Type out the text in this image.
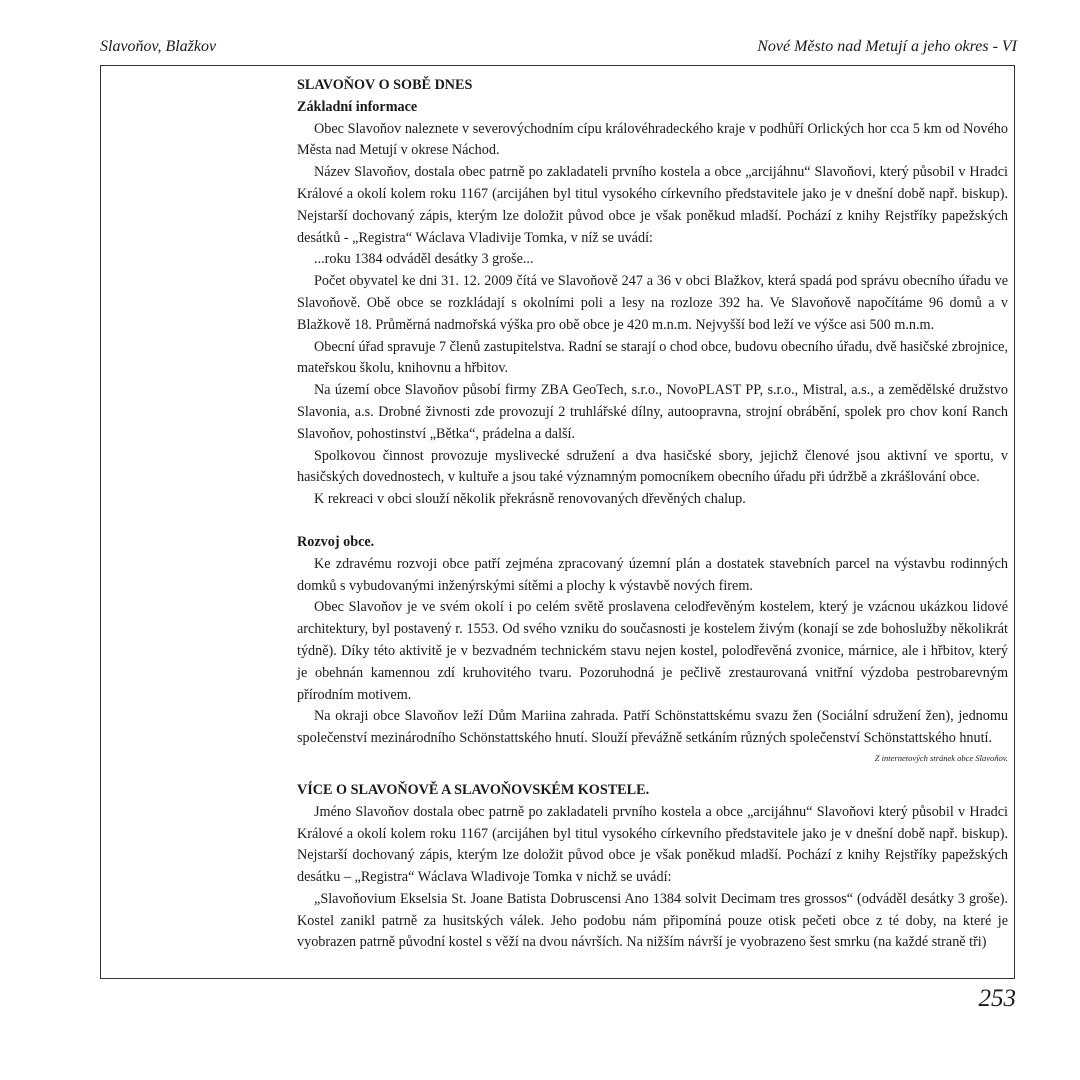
Slavoňov, Blažkov	Nové Město nad Metují a jeho okres - VI

SLAVOŇOV O SOBĚ DNES

Základní informace

Obec Slavoňov naleznete v severovýchodním cípu královéhradeckého kraje v podhůří Orlických hor cca 5 km od Nového Města nad Metují v okrese Náchod.

Název Slavoňov, dostala obec patrně po zakladateli prvního kostela a obce „arcijáhnu“ Slavoňovi, který působil v Hradci Králové a okolí kolem roku 1167 (arcijáhen byl titul vysokého církevního představitele jako je v dnešní době např. biskup). Nejstarší dochovaný zápis, kterým lze doložit původ obce je však poněkud mladší. Pochází z knihy Rejstříky papežských desátků - „Registra“ Wáclava Vladivije Tomka, v níž se uvádí:

...roku 1384 odváděl desátky 3 groše...

Počet obyvatel ke dni 31. 12. 2009 čítá ve Slavoňově 247 a 36 v obci Blažkov, která spadá pod správu obecního úřadu ve Slavoňově. Obě obce se rozkládají s okolními poli a lesy na rozloze 392 ha. Ve Slavoňově napočítáme 96 domů a v Blažkově 18. Průměrná nadmořská výška pro obě obce je 420 m.n.m. Nejvyšší bod leží ve výšce asi 500 m.n.m.

Obecní úřad spravuje 7 členů zastupitelstva. Radní se starají o chod obce, budovu obecního úřadu, dvě hasičské zbrojnice, mateřskou školu, knihovnu a hřbitov.

Na území obce Slavoňov působí firmy ZBA GeoTech, s.r.o., NovoPLAST PP, s.r.o., Mistral, a.s., a zemědělské družstvo Slavonia, a.s. Drobné živnosti zde provozují 2 truhlářské dílny, autoopravna, strojní obrábění, spolek pro chov koní Ranch Slavoňov, pohostinství „Bětka“, prádelna a další.

Spolkovou činnost provozuje myslivecké sdružení a dva hasičské sbory, jejichž členové jsou aktivní ve sportu, v hasičských dovednostech, v kultuře a jsou také významným pomocníkem obecního úřadu při údržbě a zkrášlování obce.

K rekreaci v obci slouží několik překrásně renovovaných dřevěných chalup.

Rozvoj obce.

Ke zdravému rozvoji obce patří zejména zpracovaný územní plán a dostatek stavebních parcel na výstavbu rodinných domků s vybudovanými inženýrskými sítěmi a plochy k výstavbě nových firem.

Obec Slavoňov je ve svém okolí i po celém světě proslavena celodřevěným kostelem, který je vzácnou ukázkou lidové architektury, byl postavený r. 1553. Od svého vzniku do současnosti je kostelem živým (konají se zde bohoslužby několikrát týdně). Díky této aktivitě je v bezvadném technickém stavu nejen kostel, polodřevěná zvonice, márnice, ale i hřbitov, který je obehnán kamennou zdí kruhovitého tvaru. Pozoruhodná je pečlivě zrestaurovaná vnitřní výzdoba pestrobarevným přírodním motivem.

Na okraji obce Slavoňov leží Dům Mariina zahrada. Patří Schönstattskému svazu žen (Sociální sdružení žen), jednomu společenství mezinárodního Schönstattského hnutí. Slouží převážně setkáním různých společenství Schönstattského hnutí.

Z internetových stránek obce Slavoňov.

VÍCE O SLAVOŇOVĚ A SLAVOŇOVSKÉM KOSTELE.

Jméno Slavoňov dostala obec patrně po zakladateli prvního kostela a obce „arcijáhnu“ Slavoňovi který působil v Hradci Králové a okolí kolem roku 1167 (arcijáhen byl titul vysokého církevního představitele jako je v dnešní době např. biskup). Nejstarší dochovaný zápis, kterým lze doložit původ obce je však poněkud mladší. Pochází z knihy Rejstříky papežských desátku – „Registra“ Wáclava Wladivoje Tomka v nichž se uvádí:

„Slavoňovium Ekselsia St. Joane Batista Dobruscensi Ano 1384 solvit Decimam tres grossos“ (odváděl desátky 3 groše). Kostel zanikl patrně za husitských válek. Jeho podobu nám připomíná pouze otisk pečeti obce z té doby, na které je vyobrazen patrně původní kostel s věží na dvou návrších. Na nižším návrší je vyobrazeno šest smrku (na každé straně tři)

253
